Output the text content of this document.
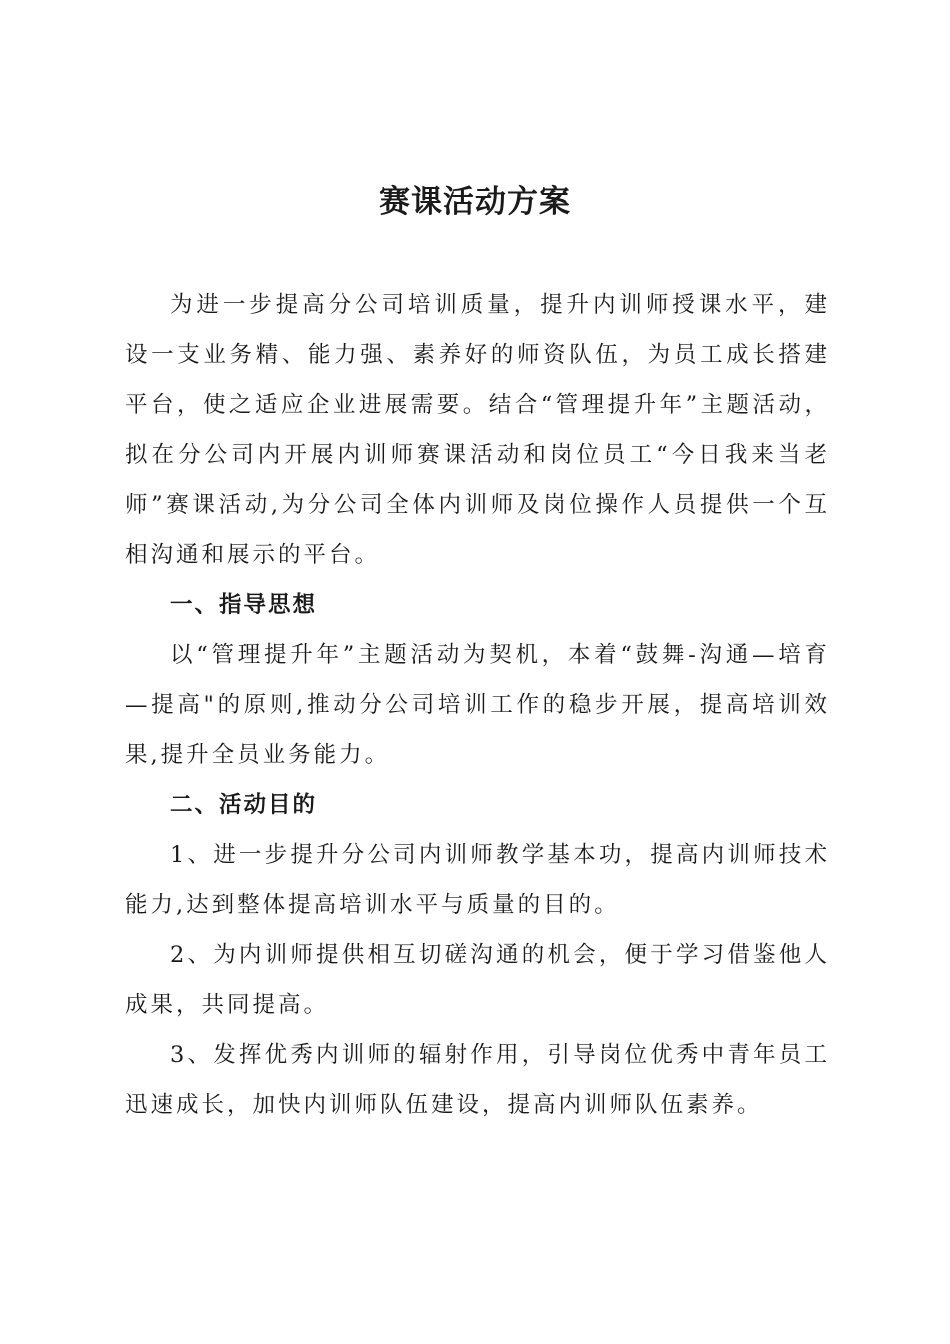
赛课活动方案

为进一步提高分公司培训质量，提升内训师授课水平，建设一支业务精、能力强、素养好的师资队伍，为员工成长搭建平台，使之适应企业进展需要。结合“管理提升年”主题活动，拟在分公司内开展内训师赛课活动和岗位员工“今日我来当老师”赛课活动,为分公司全体内训师及岗位操作人员提供一个互相沟通和展示的平台。

一、指导思想

以“管理提升年”主题活动为契机，本着“鼓舞-沟通—培育—提高"的原则,推动分公司培训工作的稳步开展，提高培训效果,提升全员业务能力。

二、活动目的

1、进一步提升分公司内训师教学基本功，提高内训师技术能力,达到整体提高培训水平与质量的目的。

2、为内训师提供相互切磋沟通的机会，便于学习借鉴他人成果，共同提高。

3、发挥优秀内训师的辐射作用，引导岗位优秀中青年员工迅速成长，加快内训师队伍建设，提高内训师队伍素养。
